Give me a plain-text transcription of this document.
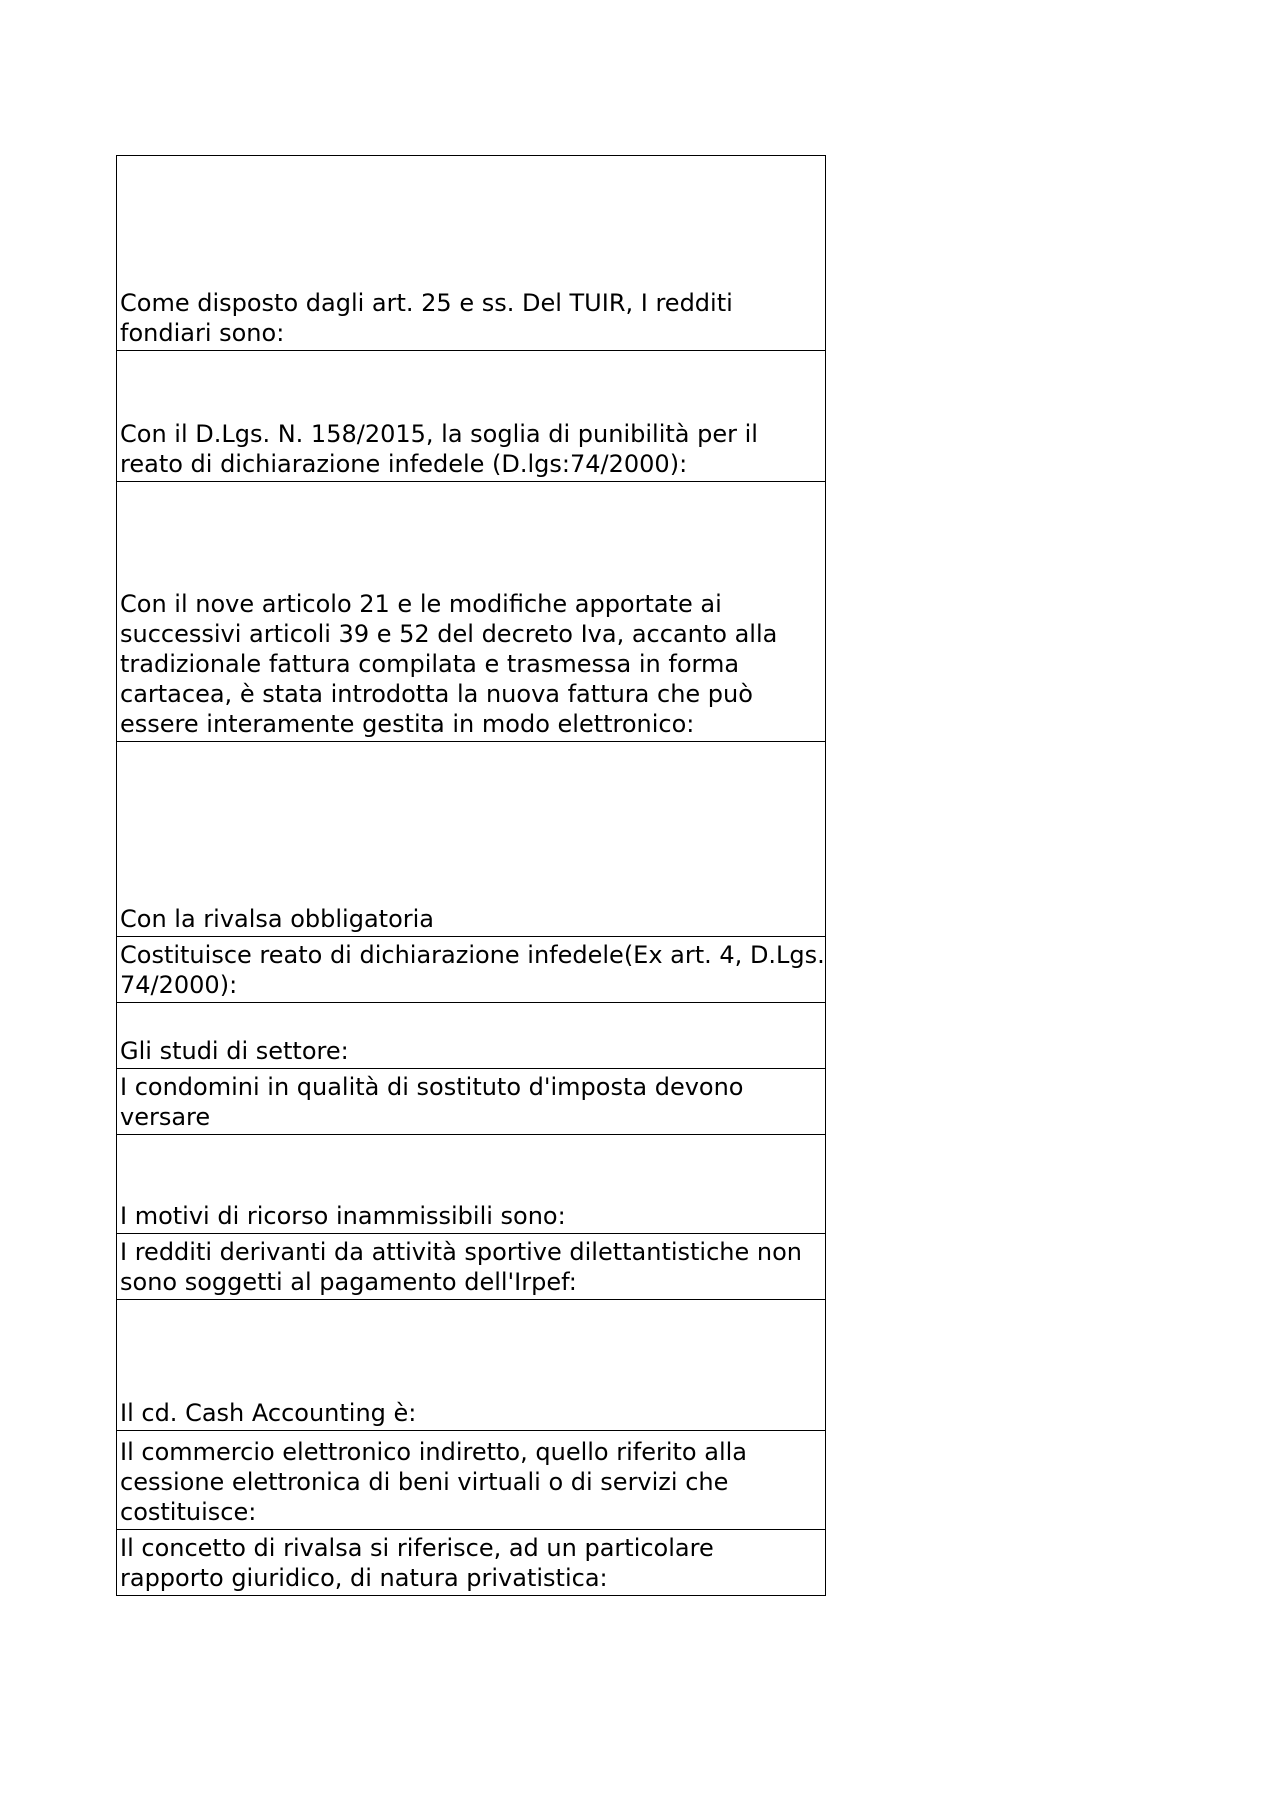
Come disposto dagli art. 25 e ss. Del TUIR, I redditi fondiari sono:
Con il D.Lgs. N. 158/2015, la soglia di punibilità per il reato di dichiarazione infedele (D.lgs:74/2000):
Con il nove articolo 21 e le modifiche apportate ai successivi articoli 39 e 52 del decreto Iva, accanto alla tradizionale fattura compilata e trasmessa in forma cartacea, è stata introdotta la nuova fattura che può essere interamente gestita in modo elettronico:
Con la rivalsa obbligatoria
Costituisce reato di dichiarazione infedele(Ex art. 4, D.Lgs. 74/2000):
Gli studi di settore:
I condomini in qualità di sostituto d'imposta devono versare
I motivi di ricorso inammissibili sono:
I redditi derivanti da attività sportive dilettantistiche non sono soggetti al pagamento dell'Irpef:
Il cd. Cash Accounting è:
Il commercio elettronico indiretto, quello riferito alla cessione elettronica di beni virtuali o di servizi che costituisce:
Il concetto di rivalsa si riferisce, ad un particolare rapporto giuridico, di natura privatistica:
